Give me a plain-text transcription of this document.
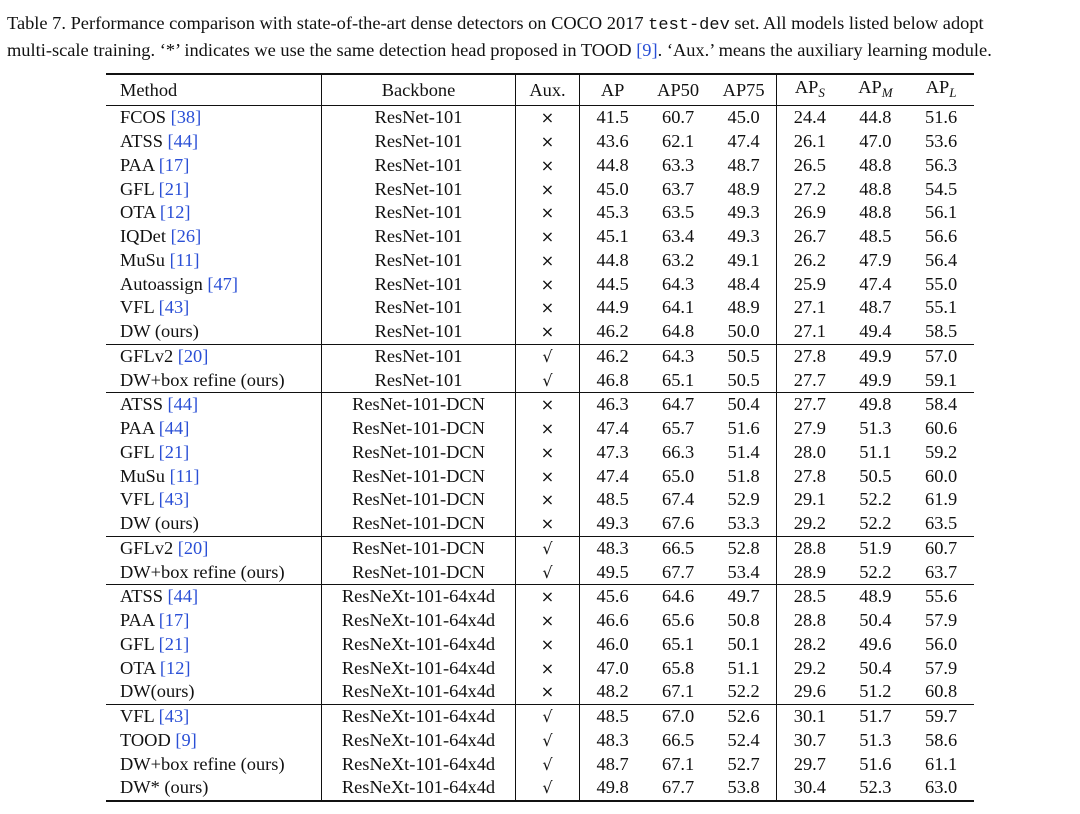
Table 7. Performance comparison with state-of-the-art dense detectors on COCO 2017 test-dev set. All models listed below adopt
multi-scale training. ‘*’ indicates we use the same detection head proposed in TOOD [9]. ‘Aux.’ means the auxiliary learning module.
Method	Backbone	Aux.	AP	AP50	AP75	$AP_S$	$AP_M$	$AP_L$
FCOS [38]	ResNet-101	×	41.5	60.7	45.0	24.4	44.8	51.6
ATSS [44]	ResNet-101	×	43.6	62.1	47.4	26.1	47.0	53.6
PAA [17]	ResNet-101	×	44.8	63.3	48.7	26.5	48.8	56.3
GFL [21]	ResNet-101	×	45.0	63.7	48.9	27.2	48.8	54.5
OTA [12]	ResNet-101	×	45.3	63.5	49.3	26.9	48.8	56.1
IQDet [26]	ResNet-101	×	45.1	63.4	49.3	26.7	48.5	56.6
MuSu [11]	ResNet-101	×	44.8	63.2	49.1	26.2	47.9	56.4
Autoassign [47]	ResNet-101	×	44.5	64.3	48.4	25.9	47.4	55.0
VFL [43]	ResNet-101	×	44.9	64.1	48.9	27.1	48.7	55.1
DW (ours)	ResNet-101	×	46.2	64.8	50.0	27.1	49.4	58.5
GFLv2 [20]	ResNet-101	√	46.2	64.3	50.5	27.8	49.9	57.0
DW+box refine (ours)	ResNet-101	√	46.8	65.1	50.5	27.7	49.9	59.1
ATSS [44]	ResNet-101-DCN	×	46.3	64.7	50.4	27.7	49.8	58.4
PAA [44]	ResNet-101-DCN	×	47.4	65.7	51.6	27.9	51.3	60.6
GFL [21]	ResNet-101-DCN	×	47.3	66.3	51.4	28.0	51.1	59.2
MuSu [11]	ResNet-101-DCN	×	47.4	65.0	51.8	27.8	50.5	60.0
VFL [43]	ResNet-101-DCN	×	48.5	67.4	52.9	29.1	52.2	61.9
DW (ours)	ResNet-101-DCN	×	49.3	67.6	53.3	29.2	52.2	63.5
GFLv2 [20]	ResNet-101-DCN	√	48.3	66.5	52.8	28.8	51.9	60.7
DW+box refine (ours)	ResNet-101-DCN	√	49.5	67.7	53.4	28.9	52.2	63.7
ATSS [44]	ResNeXt-101-64x4d	×	45.6	64.6	49.7	28.5	48.9	55.6
PAA [17]	ResNeXt-101-64x4d	×	46.6	65.6	50.8	28.8	50.4	57.9
GFL [21]	ResNeXt-101-64x4d	×	46.0	65.1	50.1	28.2	49.6	56.0
OTA [12]	ResNeXt-101-64x4d	×	47.0	65.8	51.1	29.2	50.4	57.9
DW(ours)	ResNeXt-101-64x4d	×	48.2	67.1	52.2	29.6	51.2	60.8
VFL [43]	ResNeXt-101-64x4d	√	48.5	67.0	52.6	30.1	51.7	59.7
TOOD [9]	ResNeXt-101-64x4d	√	48.3	66.5	52.4	30.7	51.3	58.6
DW+box refine (ours)	ResNeXt-101-64x4d	√	48.7	67.1	52.7	29.7	51.6	61.1
DW* (ours)	ResNeXt-101-64x4d	√	49.8	67.7	53.8	30.4	52.3	63.0
